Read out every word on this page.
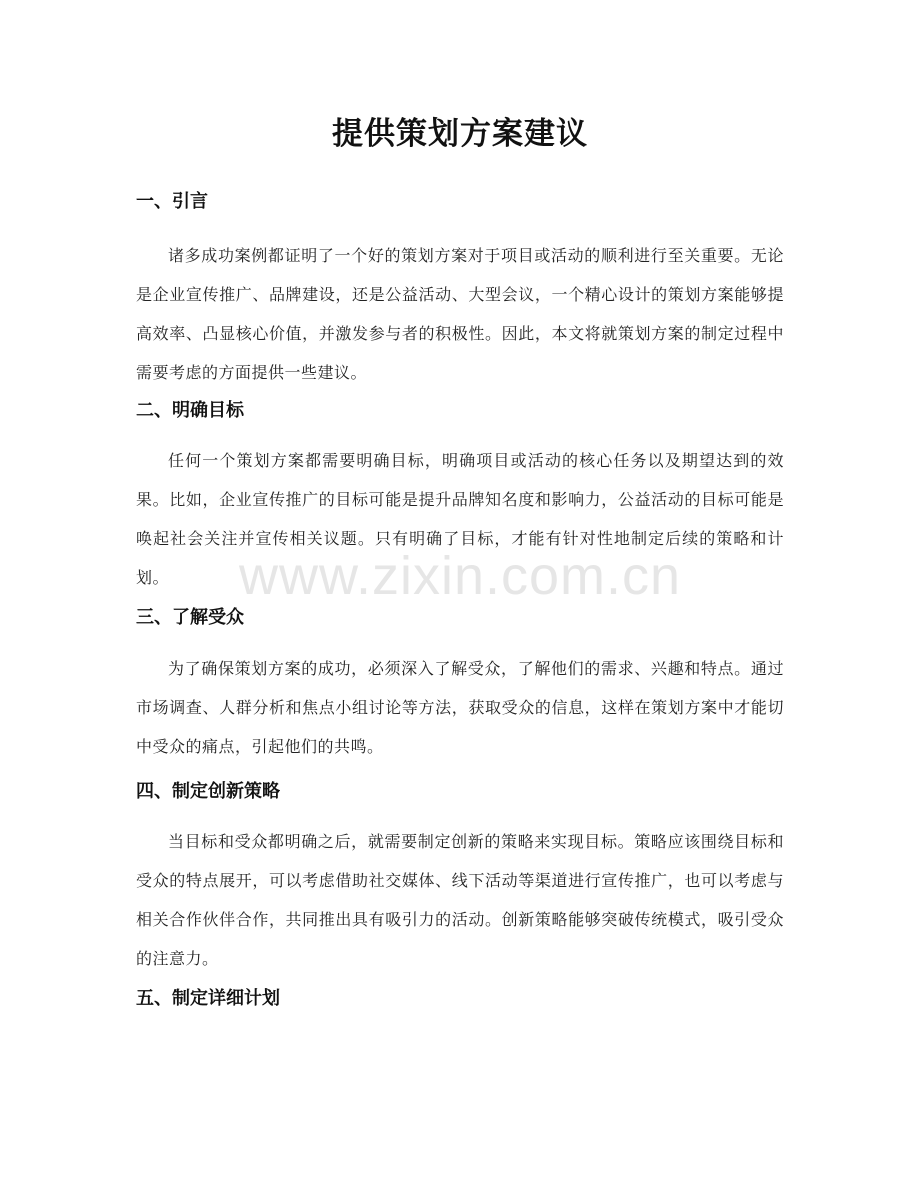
提供策划方案建议
一、引言

诸多成功案例都证明了一个好的策划方案对于项目或活动的顺利进行至关重要。无论是企业宣传推广、品牌建设，还是公益活动、大型会议，一个精心设计的策划方案能够提高效率、凸显核心价值，并激发参与者的积极性。因此，本文将就策划方案的制定过程中需要考虑的方面提供一些建议。

二、明确目标

任何一个策划方案都需要明确目标，明确项目或活动的核心任务以及期望达到的效果。比如，企业宣传推广的目标可能是提升品牌知名度和影响力，公益活动的目标可能是唤起社会关注并宣传相关议题。只有明确了目标，才能有针对性地制定后续的策略和计划。

三、了解受众

为了确保策划方案的成功，必须深入了解受众，了解他们的需求、兴趣和特点。通过市场调查、人群分析和焦点小组讨论等方法，获取受众的信息，这样在策划方案中才能切中受众的痛点，引起他们的共鸣。

四、制定创新策略

当目标和受众都明确之后，就需要制定创新的策略来实现目标。策略应该围绕目标和受众的特点展开，可以考虑借助社交媒体、线下活动等渠道进行宣传推广，也可以考虑与相关合作伙伴合作，共同推出具有吸引力的活动。创新策略能够突破传统模式，吸引受众的注意力。

五、制定详细计划
www.zixin.com.cn
